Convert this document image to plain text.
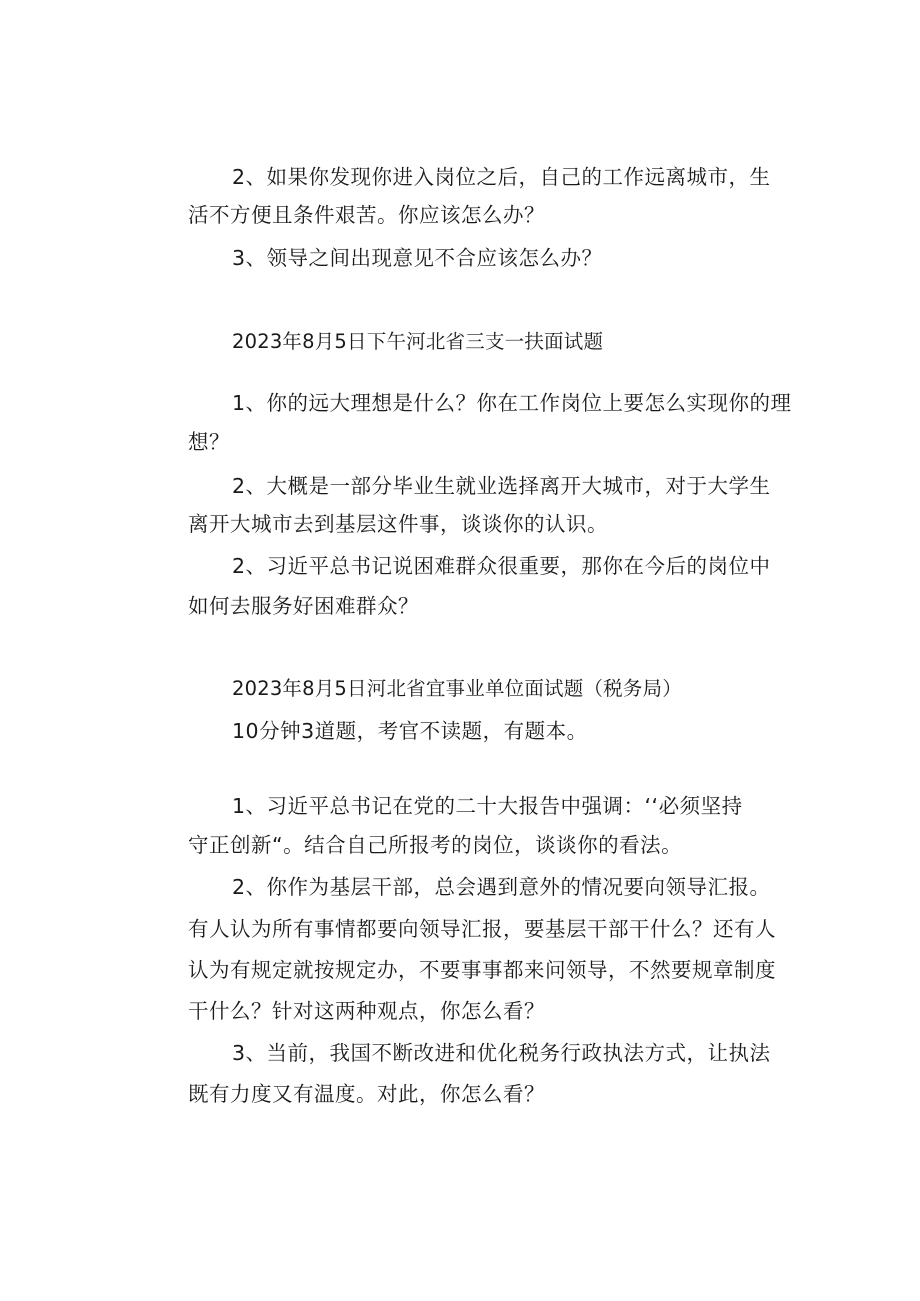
2、如果你发现你进入岗位之后，自己的工作远离城市，生
活不方便且条件艰苦。你应该怎么办？
3、领导之间出现意见不合应该怎么办？
2023年8月5日下午河北省三支一扶面试题
1、你的远大理想是什么？你在工作岗位上要怎么实现你的理
想？
2、大概是一部分毕业生就业选择离开大城市，对于大学生
离开大城市去到基层这件事，谈谈你的认识。
2、习近平总书记说困难群众很重要，那你在今后的岗位中
如何去服务好困难群众？
2023年8月5日河北省宜事业单位面试题（税务局）
10分钟3道题，考官不读题，有题本。
1、习近平总书记在党的二十大报告中强调：‘‘必须坚持
守正创新“。结合自己所报考的岗位，谈谈你的看法。
2、你作为基层干部，总会遇到意外的情况要向领导汇报。
有人认为所有事情都要向领导汇报，要基层干部干什么？还有人
认为有规定就按规定办，不要事事都来问领导，不然要规章制度
干什么？针对这两种观点，你怎么看？
3、当前，我国不断改进和优化税务行政执法方式，让执法
既有力度又有温度。对此，你怎么看？
